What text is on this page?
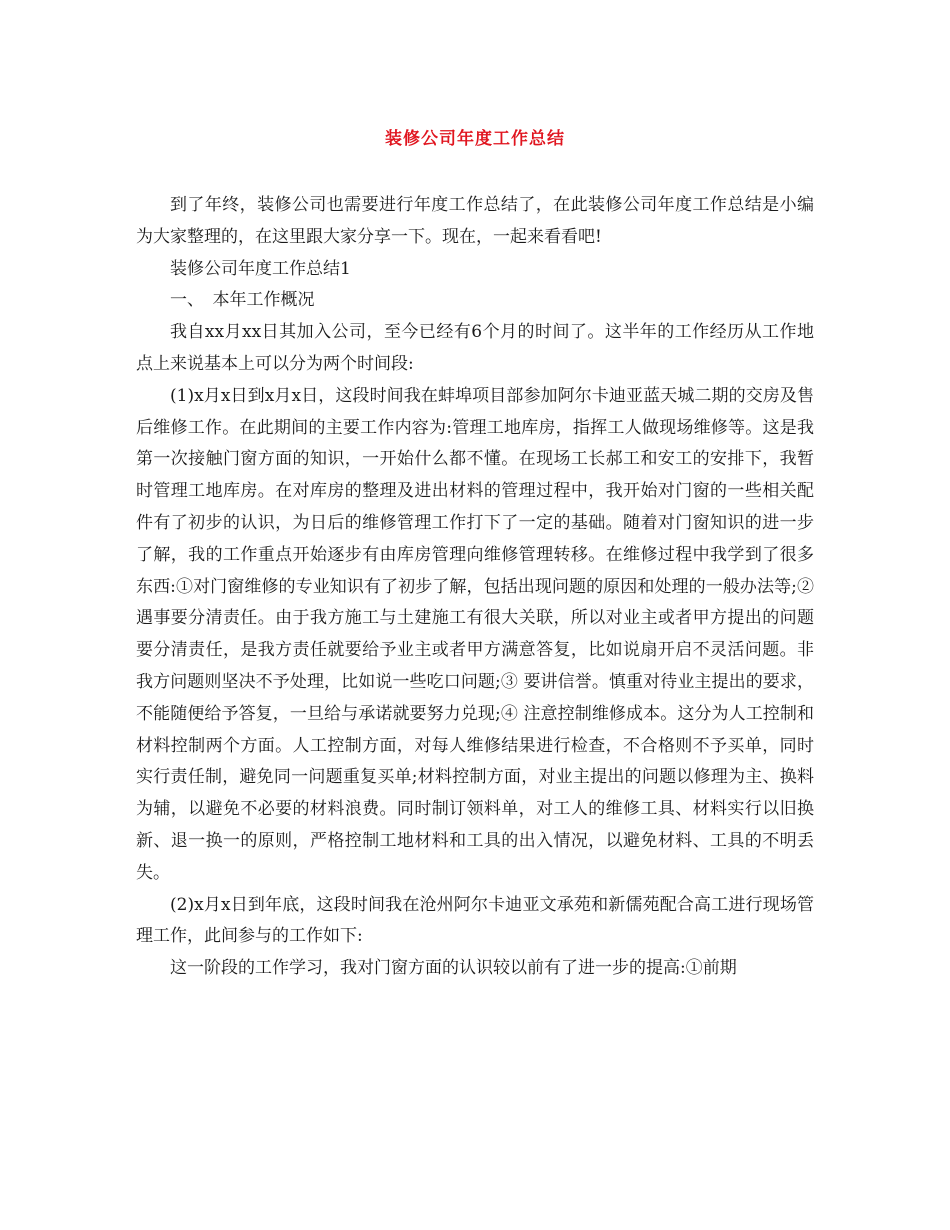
装修公司年度工作总结

到了年终，装修公司也需要进行年度工作总结了，在此装修公司年度工作总结是小编为大家整理的，在这里跟大家分享一下。现在，一起来看看吧!

装修公司年度工作总结1

一、　本年工作概况

我自xx月xx日其加入公司，至今已经有6个月的时间了。这半年的工作经历从工作地点上来说基本上可以分为两个时间段:

(1)x月x日到x月x日，这段时间我在蚌埠项目部参加阿尔卡迪亚蓝天城二期的交房及售后维修工作。在此期间的主要工作内容为:管理工地库房，指挥工人做现场维修等。这是我第一次接触门窗方面的知识，一开始什么都不懂。在现场工长郝工和安工的安排下，我暂时管理工地库房。在对库房的整理及进出材料的管理过程中，我开始对门窗的一些相关配件有了初步的认识，为日后的维修管理工作打下了一定的基础。随着对门窗知识的进一步了解，我的工作重点开始逐步有由库房管理向维修管理转移。在维修过程中我学到了很多东西:①对门窗维修的专业知识有了初步了解，包括出现问题的原因和处理的一般办法等;② 遇事要分清责任。由于我方施工与土建施工有很大关联，所以对业主或者甲方提出的问题要分清责任，是我方责任就要给予业主或者甲方满意答复，比如说扇开启不灵活问题。非我方问题则坚决不予处理，比如说一些吃口问题;③ 要讲信誉。慎重对待业主提出的要求，不能随便给予答复，一旦给与承诺就要努力兑现;④ 注意控制维修成本。这分为人工控制和材料控制两个方面。人工控制方面，对每人维修结果进行检查，不合格则不予买单，同时实行责任制，避免同一问题重复买单;材料控制方面，对业主提出的问题以修理为主、换料为辅，以避免不必要的材料浪费。同时制订领料单，对工人的维修工具、材料实行以旧换新、退一换一的原则，严格控制工地材料和工具的出入情况，以避免材料、工具的不明丢失。

(2)x月x日到年底，这段时间我在沧州阿尔卡迪亚文承苑和新儒苑配合高工进行现场管理工作，此间参与的工作如下:

这一阶段的工作学习，我对门窗方面的认识较以前有了进一步的提高:①前期
